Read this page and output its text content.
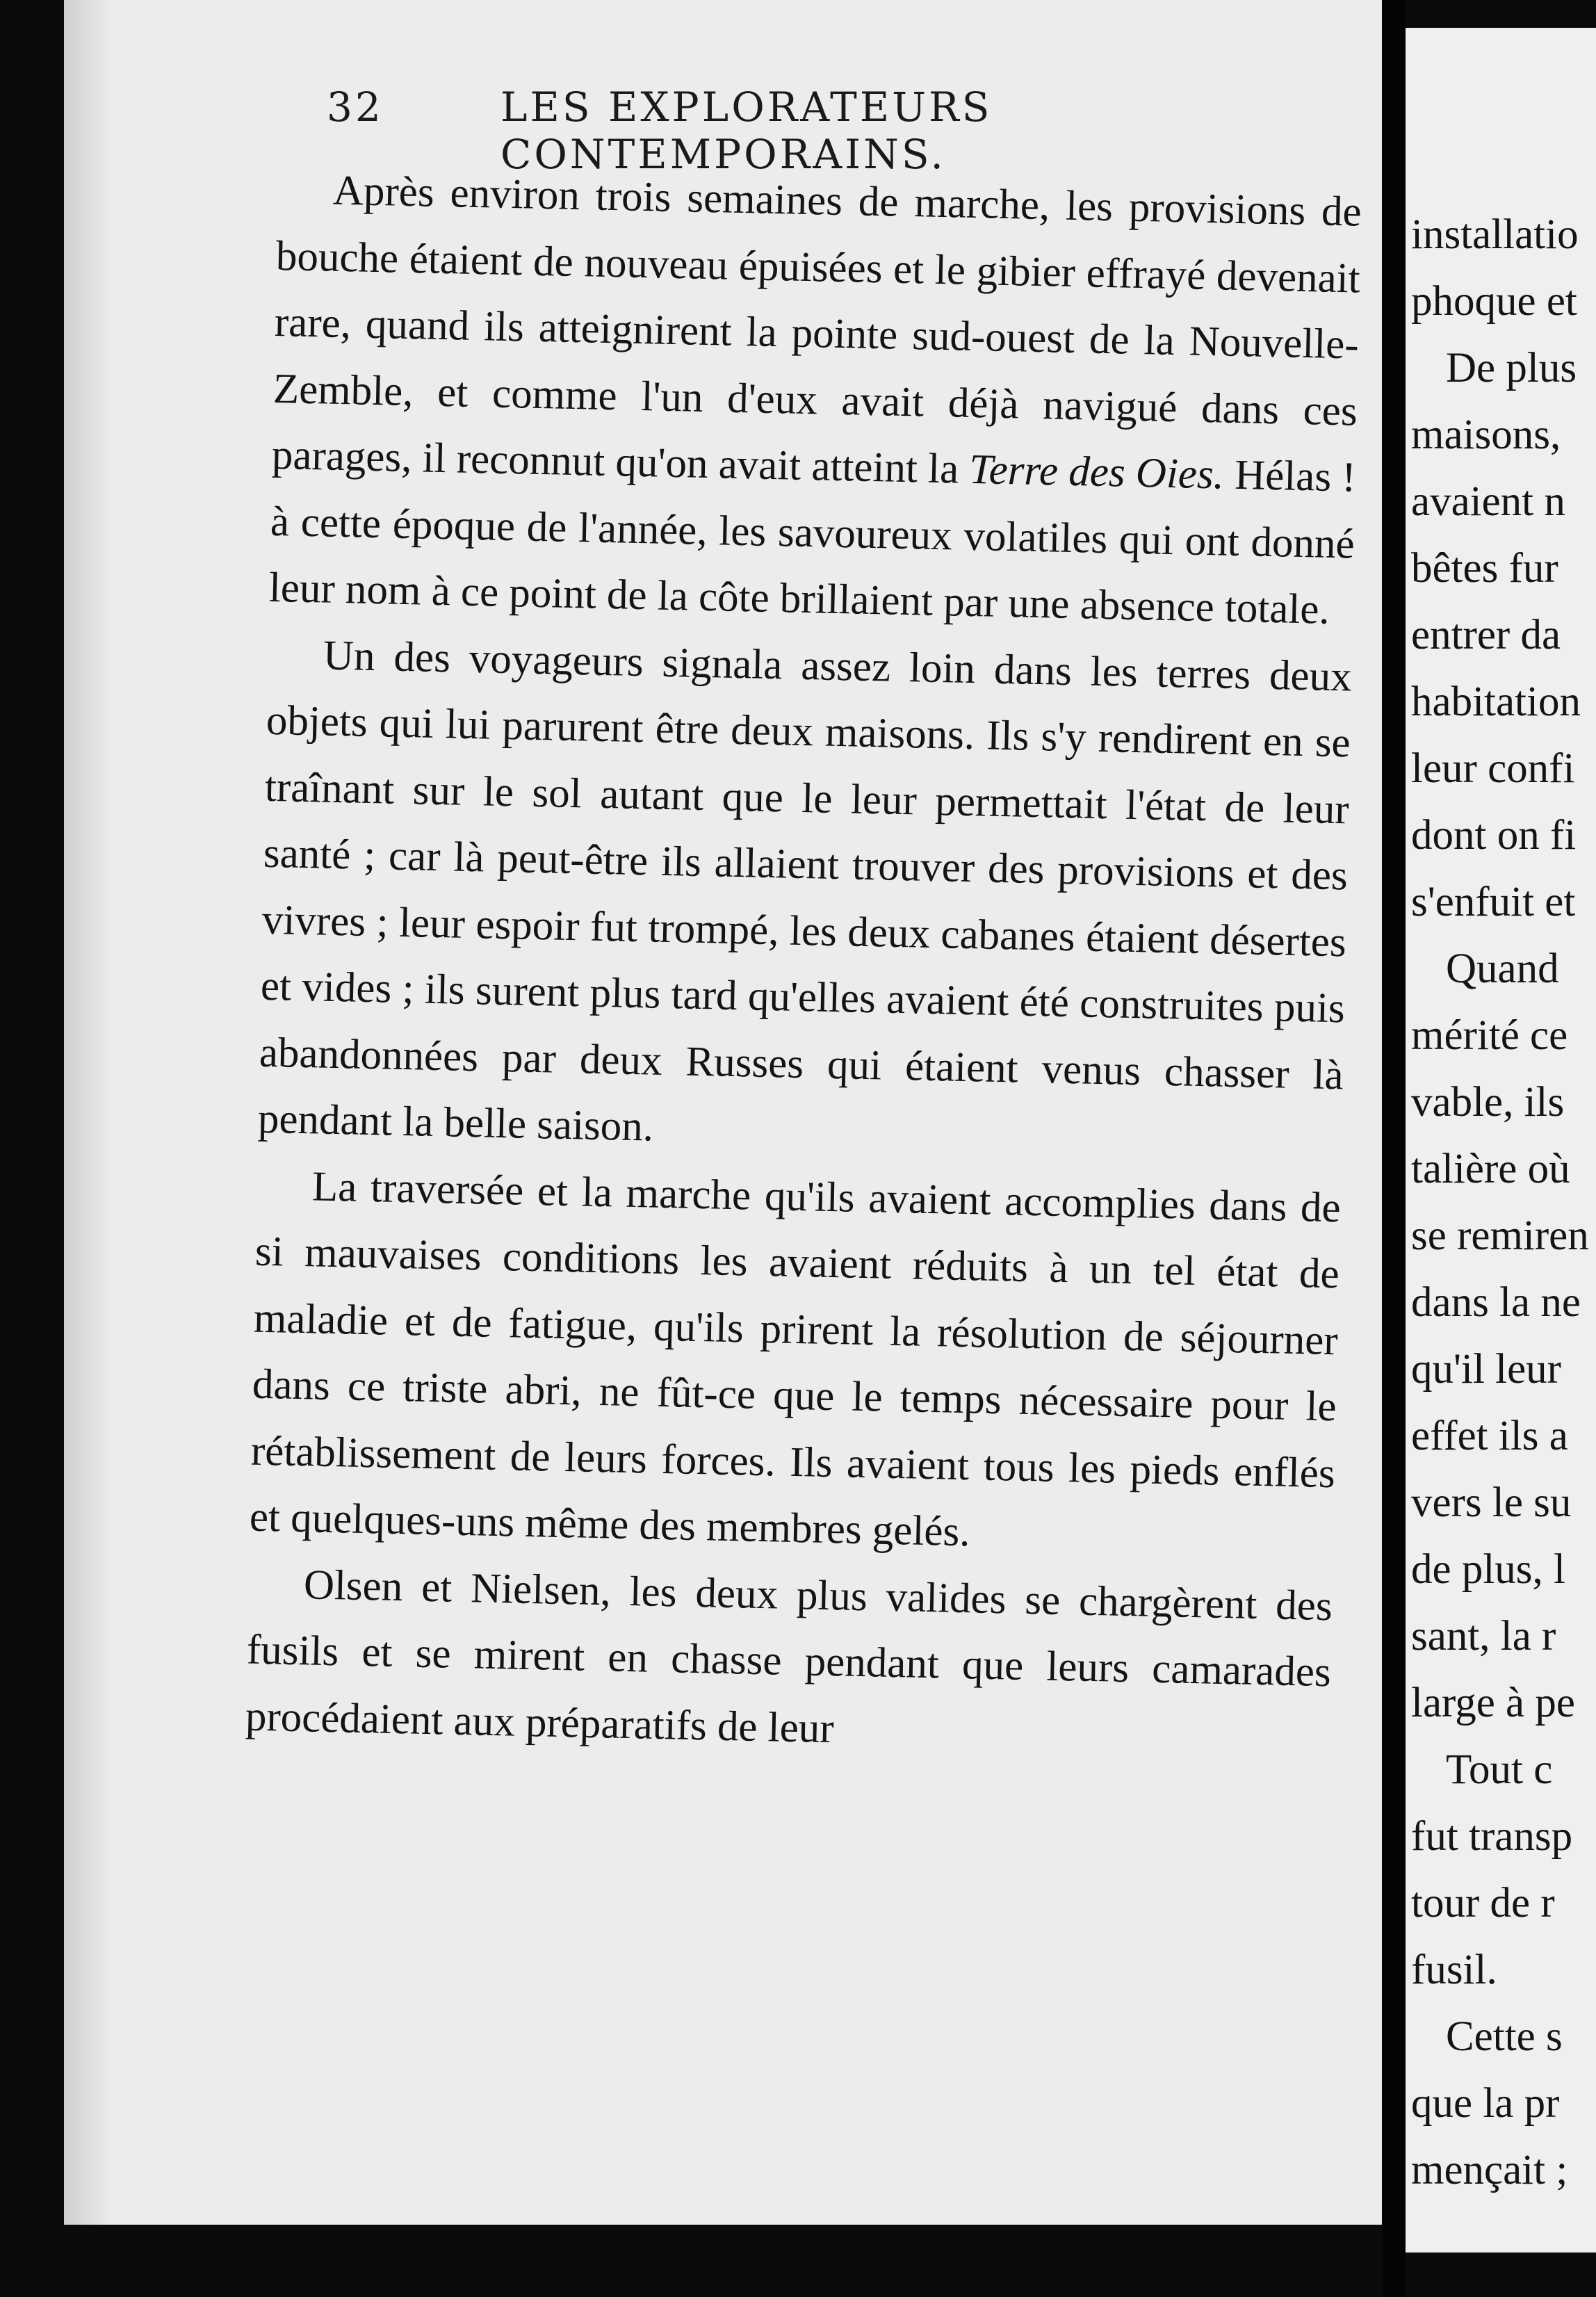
32	LES EXPLORATEURS CONTEMPORAINS.

Après environ trois semaines de marche, les provisions de bouche étaient de nouveau épuisées et le gibier effrayé devenait rare, quand ils atteignirent la pointe sud-ouest de la Nouvelle-Zemble, et comme l'un d'eux avait déjà navigué dans ces parages, il reconnut qu'on avait atteint la Terre des Oies. Hélas ! à cette époque de l'année, les savoureux volatiles qui ont donné leur nom à ce point de la côte brillaient par une absence totale.

Un des voyageurs signala assez loin dans les terres deux objets qui lui parurent être deux maisons. Ils s'y rendirent en se traînant sur le sol autant que le leur permettait l'état de leur santé ; car là peut-être ils allaient trouver des provisions et des vivres ; leur espoir fut trompé, les deux cabanes étaient désertes et vides ; ils surent plus tard qu'elles avaient été construites puis abandonnées par deux Russes qui étaient venus chasser là pendant la belle saison.

La traversée et la marche qu'ils avaient accomplies dans de si mauvaises conditions les avaient réduits à un tel état de maladie et de fatigue, qu'ils prirent la résolution de séjourner dans ce triste abri, ne fût-ce que le temps nécessaire pour le rétablissement de leurs forces. Ils avaient tous les pieds enflés et quelques-uns même des membres gelés.

Olsen et Nielsen, les deux plus valides se chargèrent des fusils et se mirent en chasse pendant que leurs camarades procédaient aux préparatifs de leur

installatio
phoque et
De plus
maisons,
avaient n
bêtes fur
entrer da
habitation
leur confi
dont on fi
s'enfuit et
Quand
mérité ce
vable, ils
talière où
se remiren
dans la ne
qu'il leur
effet ils a
vers le su
de plus, l
sant, la r
large à pe
Tout c
fut transp
tour de r
fusil.
Cette s
que la pr
mençait ;
